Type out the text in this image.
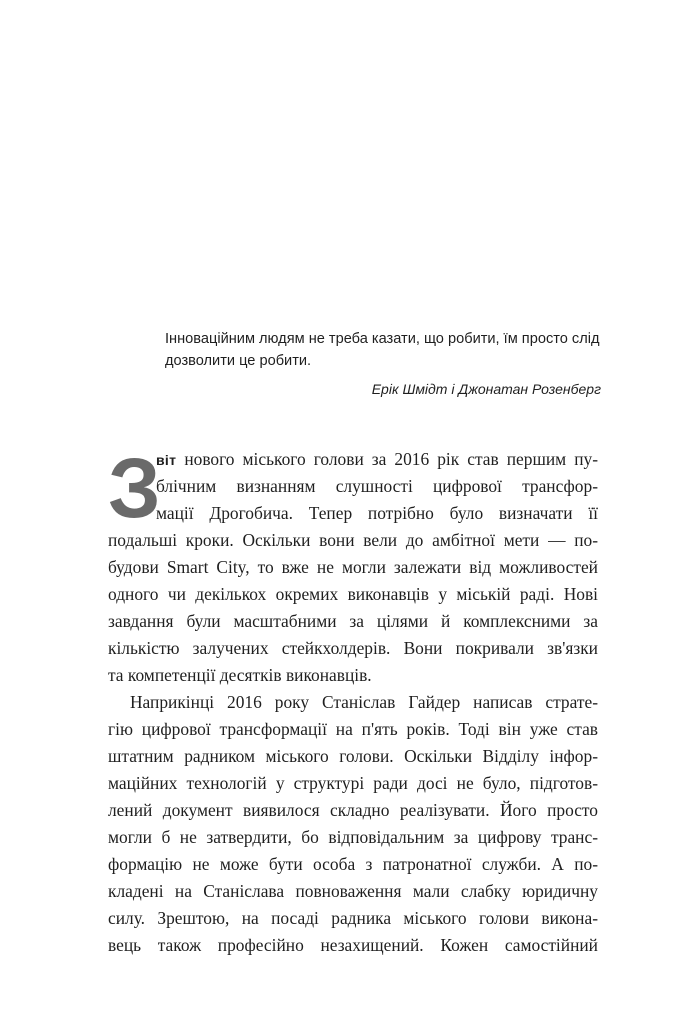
Інноваційним людям не треба казати, що робити, їм просто слід
дозволити це робити.
Ерік Шмідт і Джонатан Розенберг
З
віт нового міського голови за 2016 рік став першим пу-
блічним визнанням слушності цифрової трансфор-
мації Дрогобича. Тепер потрібно було визначати її
подальші кроки. Оскільки вони вели до амбітної мети — по-
будови Smart City, то вже не могли залежати від можливостей
одного чи декількох окремих виконавців у міській раді. Нові
завдання були масштабними за цілями й комплексними за
кількістю залучених стейкхолдерів. Вони покривали зв'язки
та компетенції десятків виконавців.
Наприкінці 2016 року Станіслав Гайдер написав страте-
гію цифрової трансформації на п'ять років. Тоді він уже став
штатним радником міського голови. Оскільки Відділу інфор-
маційних технологій у структурі ради досі не було, підготов-
лений документ виявилося складно реалізувати. Його просто
могли б не затвердити, бо відповідальним за цифрову транс-
формацію не може бути особа з патронатної служби. А по-
кладені на Станіслава повноваження мали слабку юридичну
силу. Зрештою, на посаді радника міського голови викона-
вець також професійно незахищений. Кожен самостійний
